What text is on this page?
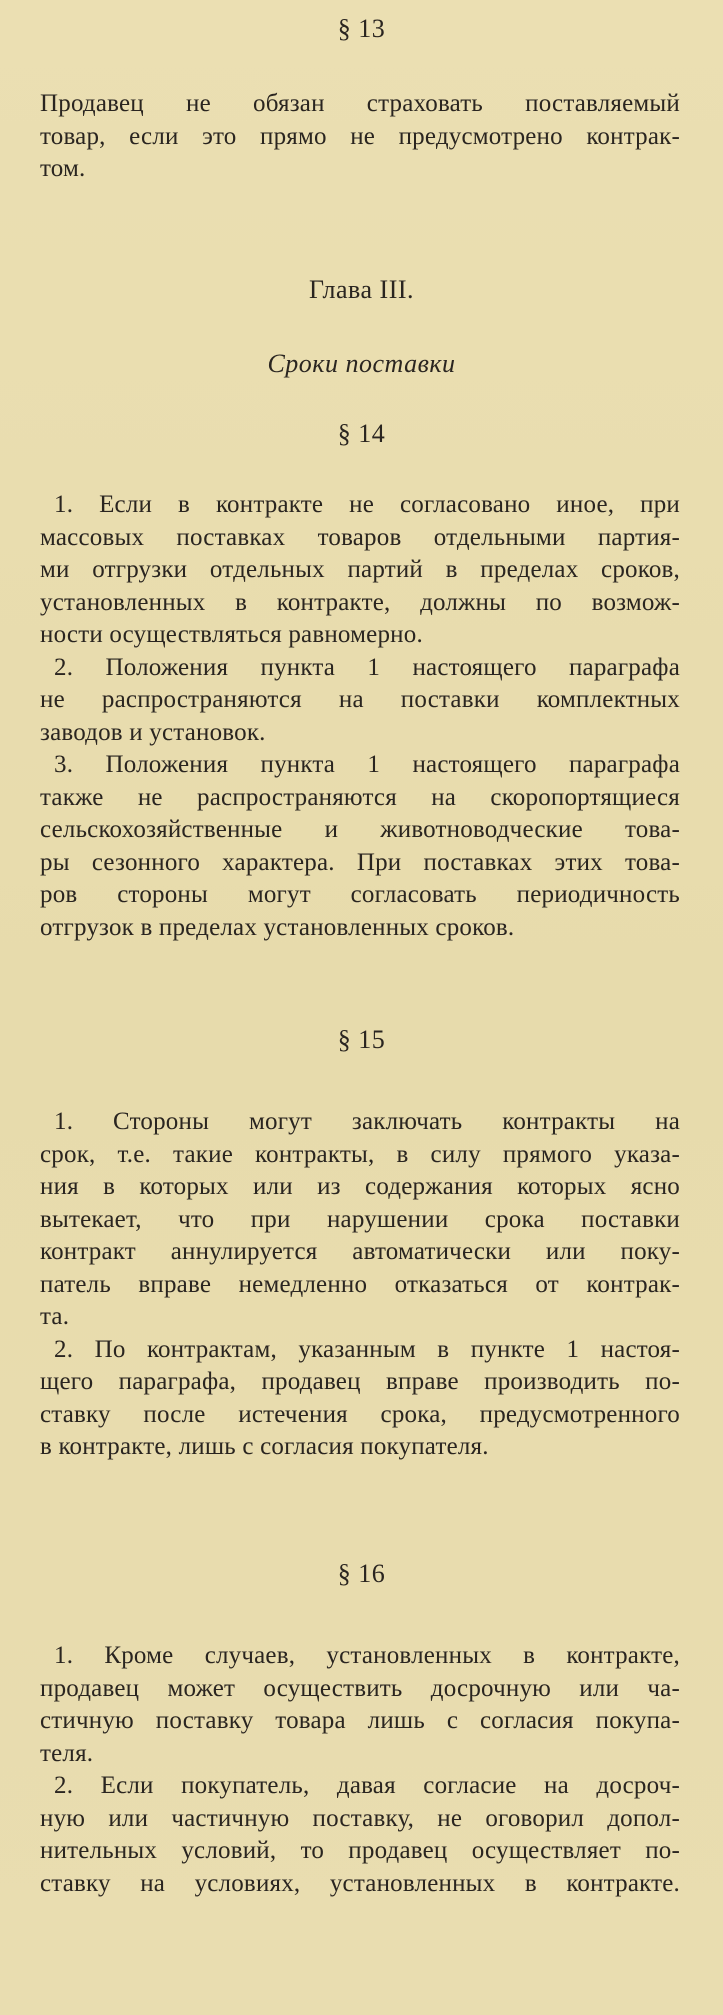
§ 13
Продавец не обязан страховать поставляемый
товар, если это прямо не предусмотрено контрак-
том.
Глава III.
Сроки поставки
§ 14
1. Если в контракте не согласовано иное, при
массовых поставках товаров отдельными партия-
ми отгрузки отдельных партий в пределах сроков,
установленных в контракте, должны по возмож-
ности осуществляться равномерно.
2. Положения пункта 1 настоящего параграфа
не распространяются на поставки комплектных
заводов и установок.
3. Положения пункта 1 настоящего параграфа
также не распространяются на скоропортящиеся
сельскохозяйственные и животноводческие това-
ры сезонного характера. При поставках этих това-
ров стороны могут согласовать периодичность
отгрузок в пределах установленных сроков.
§ 15
1. Стороны могут заключать контракты на
срок, т.е. такие контракты, в силу прямого указа-
ния в которых или из содержания которых ясно
вытекает, что при нарушении срока поставки
контракт аннулируется автоматически или поку-
патель вправе немедленно отказаться от контрак-
та.
2. По контрактам, указанным в пункте 1 настоя-
щего параграфа, продавец вправе производить по-
ставку после истечения срока, предусмотренного
в контракте, лишь с согласия покупателя.
§ 16
1. Кроме случаев, установленных в контракте,
продавец может осуществить досрочную или ча-
стичную поставку товара лишь с согласия покупа-
теля.
2. Если покупатель, давая согласие на досроч-
ную или частичную поставку, не оговорил допол-
нительных условий, то продавец осуществляет по-
ставку на условиях, установленных в контракте.
